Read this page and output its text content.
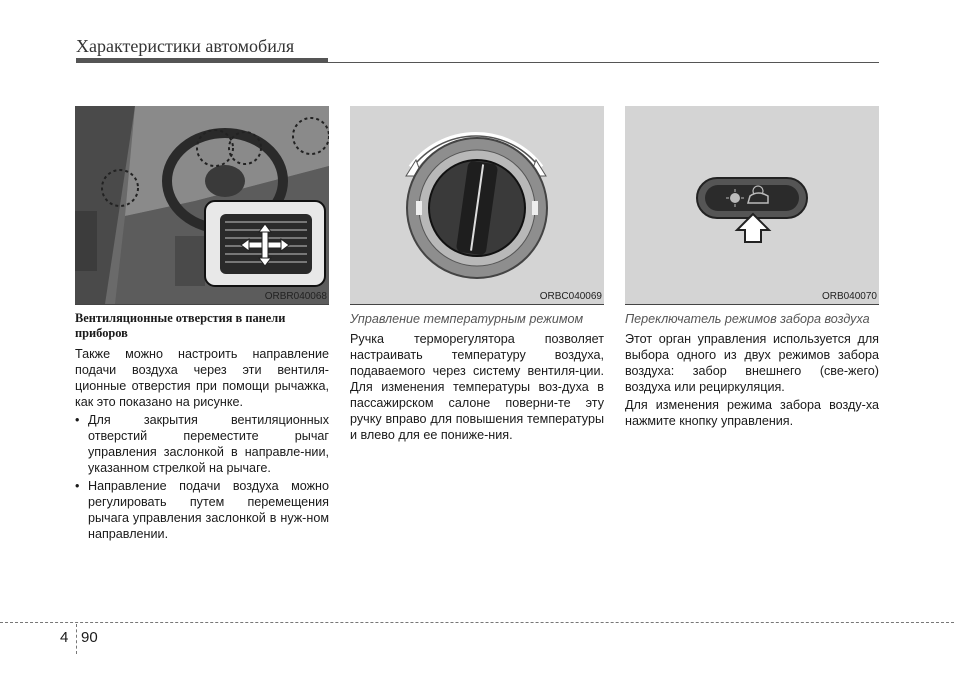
Характеристики автомобиля
ORBR040068	ORBC040069	ORB040070
Вентиляционные отверстия в панели приборов

Также можно настроить направление подачи воздуха через эти вентиля-ционные отверстия при помощи рычажка, как это показано на рисунке.

• Для закрытия вентиляционных отверстий переместите рычаг управления заслонкой в направле-нии, указанном стрелкой на рычаге.
• Направление подачи воздуха можно регулировать путем перемещения рычага управления заслонкой в нуж-ном направлении.
Управление температурным режимом

Ручка терморегулятора позволяет настраивать температуру воздуха, подаваемого через систему вентиля-ции. Для изменения температуры воз-духа в пассажирском салоне поверни-те эту ручку вправо для повышения температуры и влево для ее пониже-ния.

Переключатель режимов забора воздуха

Этот орган управления используется для выбора одного из двух режимов забора воздуха: забор внешнего (све-жего) воздуха или рециркуляция.

Для изменения режима забора возду-ха нажмите кнопку управления.

4 90
